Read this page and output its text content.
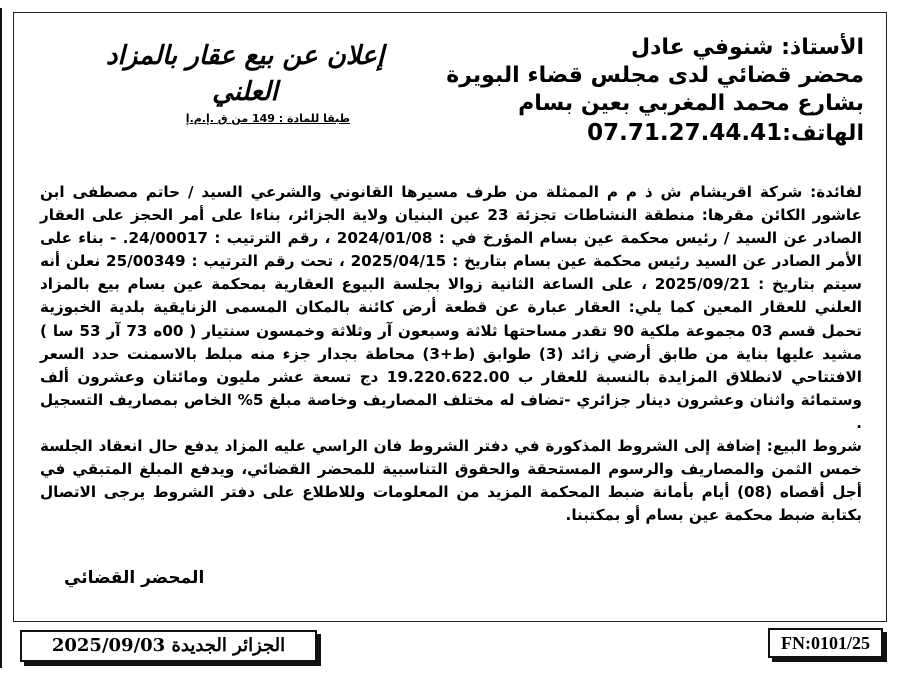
الأستاذ: شنوفي عادل
محضر قضائي لدى مجلس قضاء البويرة
بشارع محمد المغربي بعين بسام
الهاتف:07.71.27.44.41
إعلان عن بيع عقار بالمزاد العلني
طبقا للمادة : 149 من ق .إ.م.إ

لفائدة: شركة اقريشام ش ذ م م الممثلة من طرف مسيرها القانوني والشرعي السيد / حاتم مصطفى ابن عاشور الكائن مقرها: منطقة النشاطات تجزئة 23 عين البنيان ولاية الجزائر، بناءا على أمر الحجز على العقار الصادر عن السيد / رئيس محكمة عين بسام المؤرخ في : 2024/01/08 ، رقم الترتيب : 24/00017. - بناء على الأمر الصادر عن السيد رئيس محكمة عين بسام بتاريخ : 2025/04/15 ، تحت رقم الترتيب : 25/00349 نعلن أنه سيتم بتاريخ : 2025/09/21 ، على الساعة الثانية زوالا بجلسة البيوع العقارية بمحكمة عين بسام بيع بالمزاد العلني للعقار المعين كما يلي: العقار عبارة عن قطعة أرض كائنة بالمكان المسمى الزنايقية بلدية الخبوزية تحمل قسم 03 مجموعة ملكية 90 تقدر مساحتها ثلاثة وسبعون آر وثلاثة وخمسون سنتيار ( 00ه 73 آر 53 سا ) مشيد عليها بناية من طابق أرضي زائد (3) طوابق (ط+3) محاطة بجدار جزء منه مبلط بالاسمنت حدد السعر الافتتاحي لانطلاق المزايدة بالنسبة للعقار ب 19.220.622.00 دج تسعة عشر مليون ومائتان وعشرون ألف وستمائة واثنان وعشرون دينار جزائري -تضاف له مختلف المصاريف وخاصة مبلغ 5% الخاص بمصاريف التسجيل .

شروط البيع: إضافة إلى الشروط المذكورة في دفتر الشروط فان الراسي عليه المزاد يدفع حال انعقاد الجلسة خمس الثمن والمصاريف والرسوم المستحقة والحقوق التناسبية للمحضر القضائي، ويدفع المبلغ المتبقي في أجل أقصاه (08) أيام بأمانة ضبط المحكمة المزيد من المعلومات وللاطلاع على دفتر الشروط يرجى الاتصال بكتابة ضبط محكمة عين بسام أو بمكتبنا.

المحضر القضائي
الجزائر الجديدة 2025/09/03	FN:0101/25
